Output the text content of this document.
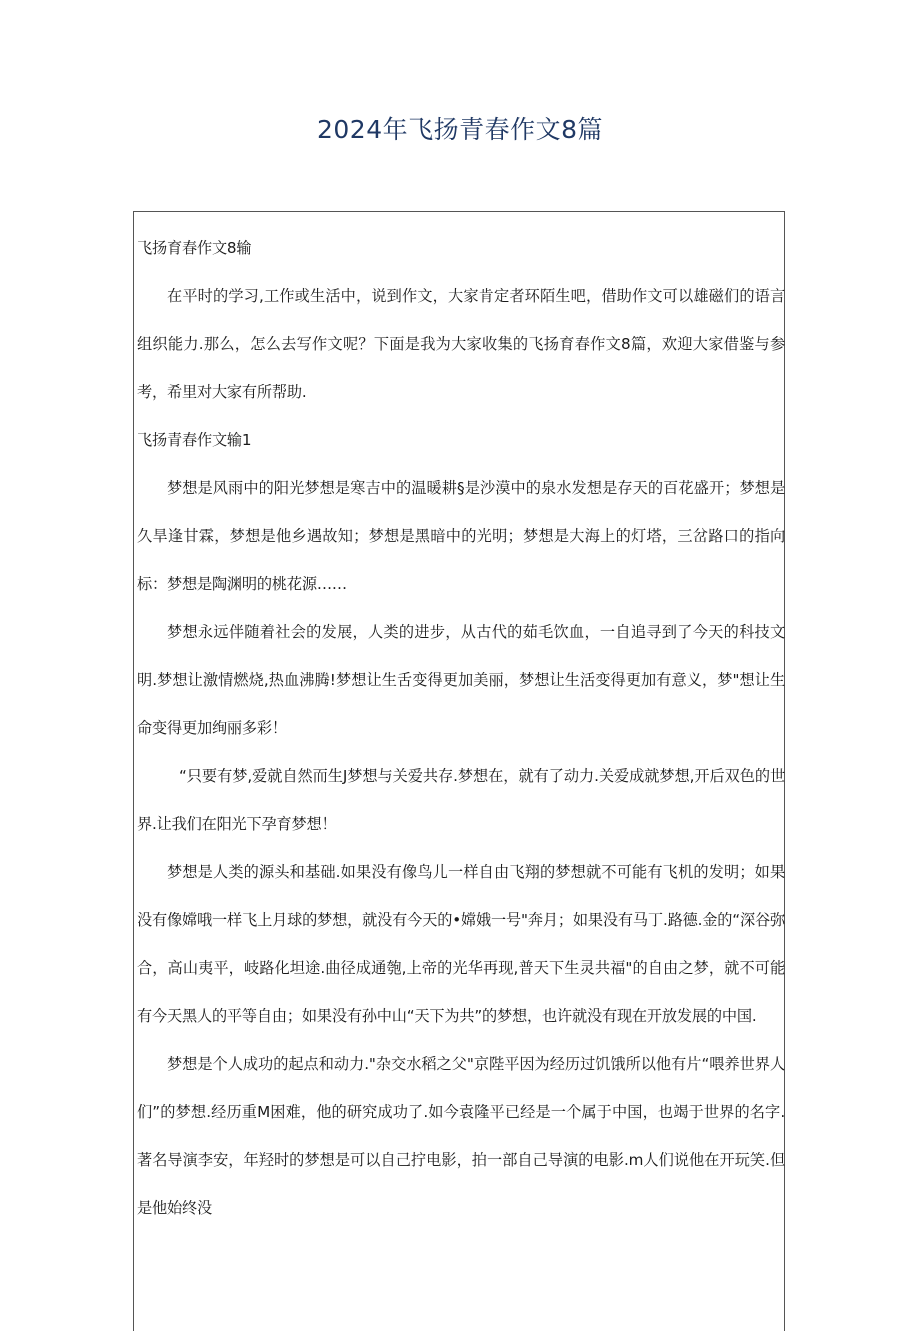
2024年飞扬青春作文8篇

飞扬育春作文8输

在平时的学习,工作或生活中，说到作文，大家肯定者环陌生吧，借助作文可以雄磁们的语言组织能力.那么，怎么去写作文呢？下面是我为大家收集的飞扬育春作文8篇，欢迎大家借鉴与参考，希里对大家有所帮助.

飞扬青春作文输1

梦想是风雨中的阳光梦想是寒吉中的温暖耕§是沙漠中的泉水发想是存天的百花盛开；梦想是久旱逢甘霖，梦想是他乡遇故知；梦想是黑暗中的光明；梦想是大海上的灯塔，三岔路口的指向标：梦想是陶渊明的桃花源……

梦想永远伴随着社会的发展，人类的进步，从古代的茹毛饮血，一自追寻到了今天的科技文明.梦想让激情燃烧,热血沸腾!梦想让生舌变得更加美丽，梦想让生活变得更加有意义，梦"想让生命变得更加绚丽多彩！

“只要有梦,爱就自然而生J梦想与关爱共存.梦想在，就有了动力.关爱成就梦想,开后双色的世界.让我们在阳光下孕育梦想！

梦想是人类的源头和基础.如果没有像鸟儿一样自由飞翔的梦想就不可能有飞机的发明；如果没有像嫦哦一样飞上月球的梦想，就没有今天的•嫦娥一号"奔月；如果没有马丁.路德.金的“深谷弥合，高山夷平，岐路化坦途.曲径成通匏,上帝的光华再现,普天下生灵共福"的自由之梦，就不可能有今天黑人的平等自由；如果没有孙中山“天下为共”的梦想，也许就没有现在开放发展的中国.

梦想是个人成功的起点和动力."杂交水稻之父"京陛平因为经历过饥饿所以他有片“喂养世界人们”的梦想.经历重M困难，他的研究成功了.如今袁隆平已经是一个属于中国，也竭于世界的名字.著名导演李安，年羟时的梦想是可以自己拧电影，拍一部自己导演的电影.m人们说他在开玩笑.但是他始终没
